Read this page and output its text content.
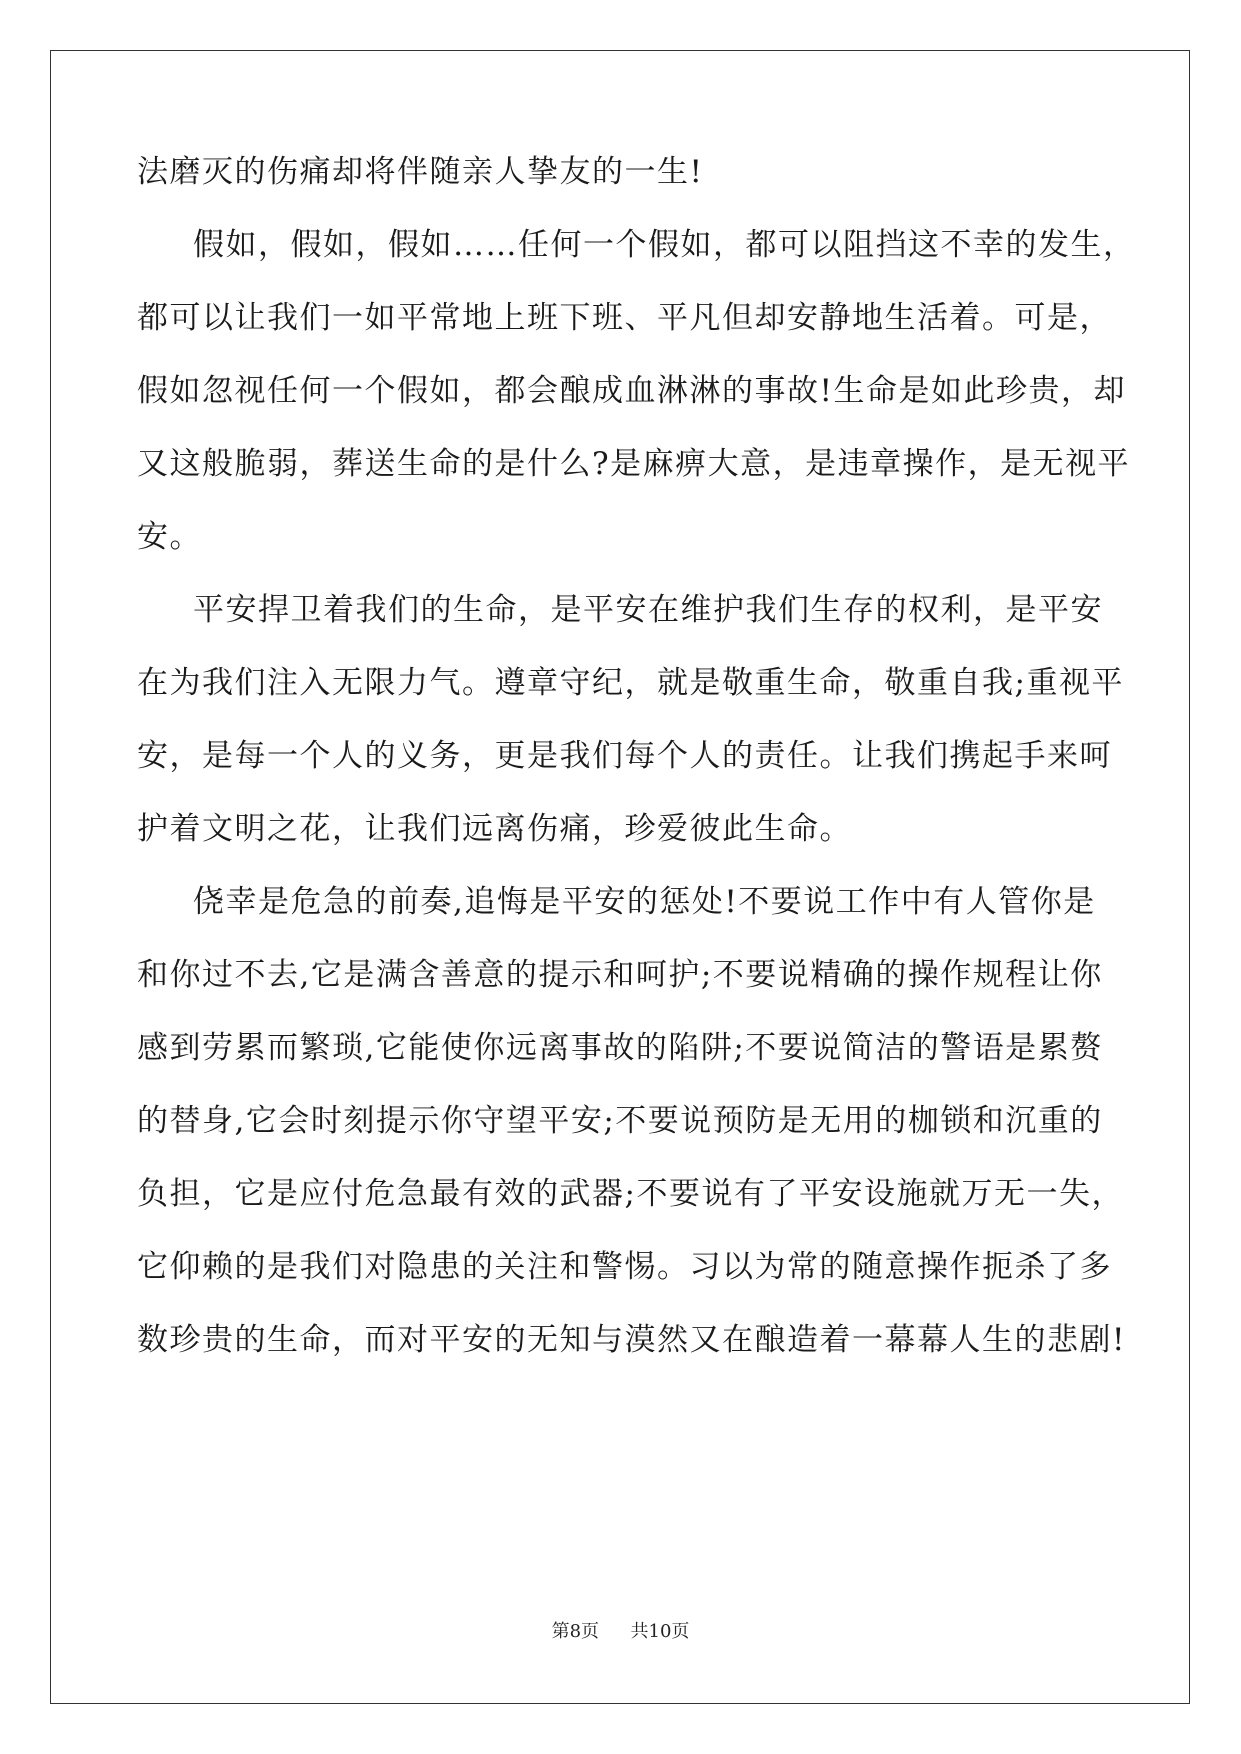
法磨灭的伤痛却将伴随亲人挚友的一生!
假如，假如，假如……任何一个假如，都可以阻挡这不幸的发生，
都可以让我们一如平常地上班下班、平凡但却安静地生活着。可是，
假如忽视任何一个假如，都会酿成血淋淋的事故!生命是如此珍贵，却
又这般脆弱，葬送生命的是什么?是麻痹大意，是违章操作，是无视平
安。
平安捍卫着我们的生命，是平安在维护我们生存的权利，是平安
在为我们注入无限力气。遵章守纪，就是敬重生命，敬重自我;重视平
安，是每一个人的义务，更是我们每个人的责任。让我们携起手来呵
护着文明之花，让我们远离伤痛，珍爱彼此生命。
侥幸是危急的前奏,追悔是平安的惩处!不要说工作中有人管你是
和你过不去,它是满含善意的提示和呵护;不要说精确的操作规程让你
感到劳累而繁琐,它能使你远离事故的陷阱;不要说简洁的警语是累赘
的替身,它会时刻提示你守望平安;不要说预防是无用的枷锁和沉重的
负担，它是应付危急最有效的武器;不要说有了平安设施就万无一失，
它仰赖的是我们对隐患的关注和警惕。习以为常的随意操作扼杀了多
数珍贵的生命，而对平安的无知与漠然又在酿造着一幕幕人生的悲剧!
第8页 共10页
